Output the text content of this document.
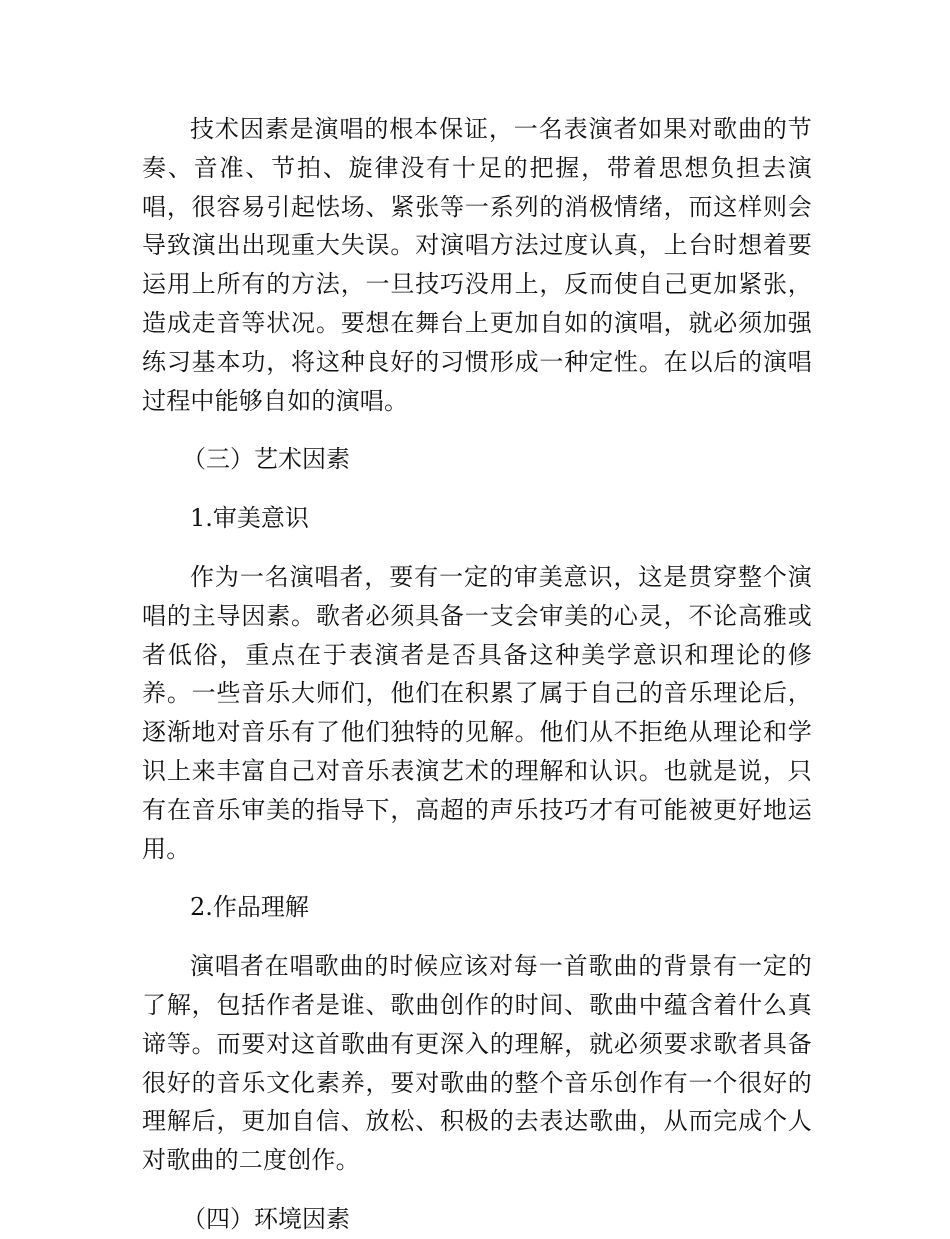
技术因素是演唱的根本保证，一名表演者如果对歌曲的节奏、音准、节拍、旋律没有十足的把握，带着思想负担去演唱，很容易引起怯场、紧张等一系列的消极情绪，而这样则会导致演出出现重大失误。对演唱方法过度认真，上台时想着要运用上所有的方法，一旦技巧没用上，反而使自己更加紧张，造成走音等状况。要想在舞台上更加自如的演唱，就必须加强练习基本功，将这种良好的习惯形成一种定性。在以后的演唱过程中能够自如的演唱。

（三）艺术因素

1.审美意识

作为一名演唱者，要有一定的审美意识，这是贯穿整个演唱的主导因素。歌者必须具备一支会审美的心灵，不论高雅或者低俗，重点在于表演者是否具备这种美学意识和理论的修养。一些音乐大师们，他们在积累了属于自己的音乐理论后，逐渐地对音乐有了他们独特的见解。他们从不拒绝从理论和学识上来丰富自己对音乐表演艺术的理解和认识。也就是说，只有在音乐审美的指导下，高超的声乐技巧才有可能被更好地运用。

2.作品理解

演唱者在唱歌曲的时候应该对每一首歌曲的背景有一定的了解，包括作者是谁、歌曲创作的时间、歌曲中蕴含着什么真谛等。而要对这首歌曲有更深入的理解，就必须要求歌者具备很好的音乐文化素养，要对歌曲的整个音乐创作有一个很好的理解后，更加自信、放松、积极的去表达歌曲，从而完成个人对歌曲的二度创作。

（四）环境因素
